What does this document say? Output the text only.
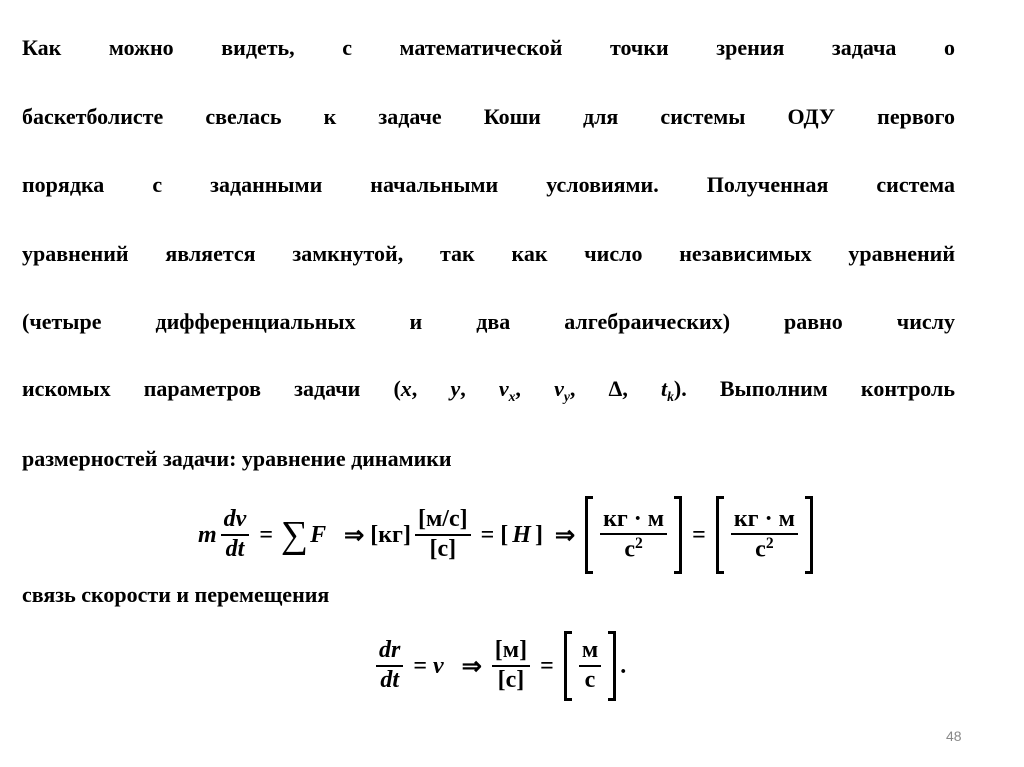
Как можно видеть, с математической точки зрения задача о
баскетболисте свелась к задаче Коши для системы ОДУ первого
порядка с заданными начальными условиями. Полученная система
уравнений является замкнутой, так как число независимых уравнений
(четыре дифференциальных и два алгебраических) равно числу
искомых параметров задачи (x, y, $v_x$, $v_y$, Δ, $t_k$). Выполним контроль
размерностей задачи: уравнение динамики
m $\frac{dv}{dt}$ = ∑ F ⇒ $[кг] \frac{[м/с]}{[с]}$ = [ H ] ⇒ $\frac{кг \cdot м}{с^2} = \frac{кг \cdot м}{с^2}$
связь скорости и перемещения
$\frac{dr}{dt} = v$ ⇒ $\frac{[м]}{[с]} = \frac{м}{с}$ .
48
